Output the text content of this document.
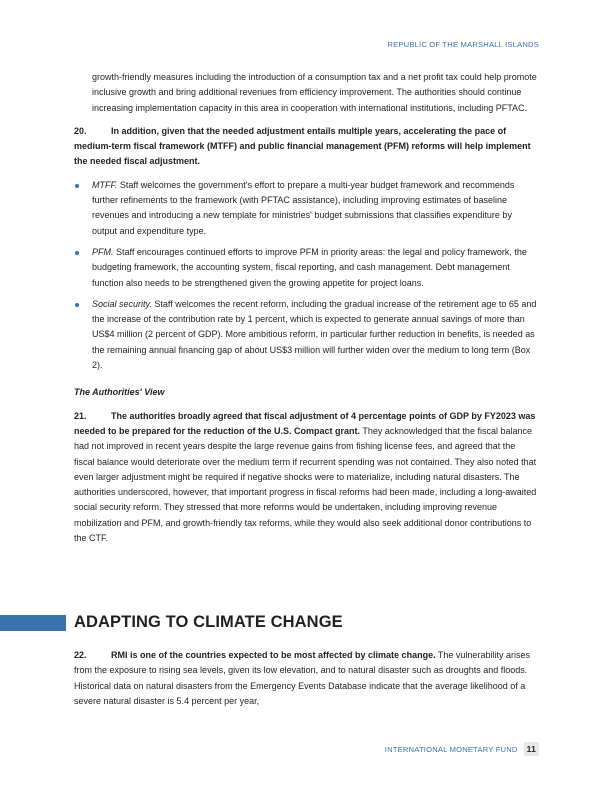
REPUBLIC OF THE MARSHALL ISLANDS

growth-friendly measures including the introduction of a consumption tax and a net profit tax could help promote inclusive growth and bring additional revenues from efficiency improvement. The authorities should continue increasing implementation capacity in this area in cooperation with international institutions, including PFTAC.

20.	In addition, given that the needed adjustment entails multiple years, accelerating the pace of medium-term fiscal framework (MTFF) and public financial management (PFM) reforms will help implement the needed fiscal adjustment.

MTFF. Staff welcomes the government's effort to prepare a multi-year budget framework and recommends further refinements to the framework (with PFTAC assistance), including improving estimates of baseline revenues and introducing a new template for ministries' budget submissions that classifies expenditure by output and expenditure type.

PFM. Staff encourages continued efforts to improve PFM in priority areas: the legal and policy framework, the budgeting framework, the accounting system, fiscal reporting, and cash management. Debt management function also needs to be strengthened given the growing appetite for project loans.

Social security. Staff welcomes the recent reform, including the gradual increase of the retirement age to 65 and the increase of the contribution rate by 1 percent, which is expected to generate annual savings of more than US$4 million (2 percent of GDP). More ambitious reform, in particular further reduction in benefits, is needed as the remaining annual financing gap of about US$3 million will further widen over the medium to long term (Box 2).

The Authorities' View

21.	The authorities broadly agreed that fiscal adjustment of 4 percentage points of GDP by FY2023 was needed to be prepared for the reduction of the U.S. Compact grant. They acknowledged that the fiscal balance had not improved in recent years despite the large revenue gains from fishing license fees, and agreed that the fiscal balance would deteriorate over the medium term if recurrent spending was not contained. They also noted that even larger adjustment might be required if negative shocks were to materialize, including natural disasters. The authorities underscored, however, that important progress in fiscal reforms had been made, including a long-awaited social security reform. They stressed that more reforms would be undertaken, including improving revenue mobilization and PFM, and growth-friendly tax reforms, while they would also seek additional donor contributions to the CTF.

ADAPTING TO CLIMATE CHANGE

22.	RMI is one of the countries expected to be most affected by climate change. The vulnerability arises from the exposure to rising sea levels, given its low elevation, and to natural disaster such as droughts and floods. Historical data on natural disasters from the Emergency Events Database indicate that the average likelihood of a severe natural disaster is 5.4 percent per year,

INTERNATIONAL MONETARY FUND	11
